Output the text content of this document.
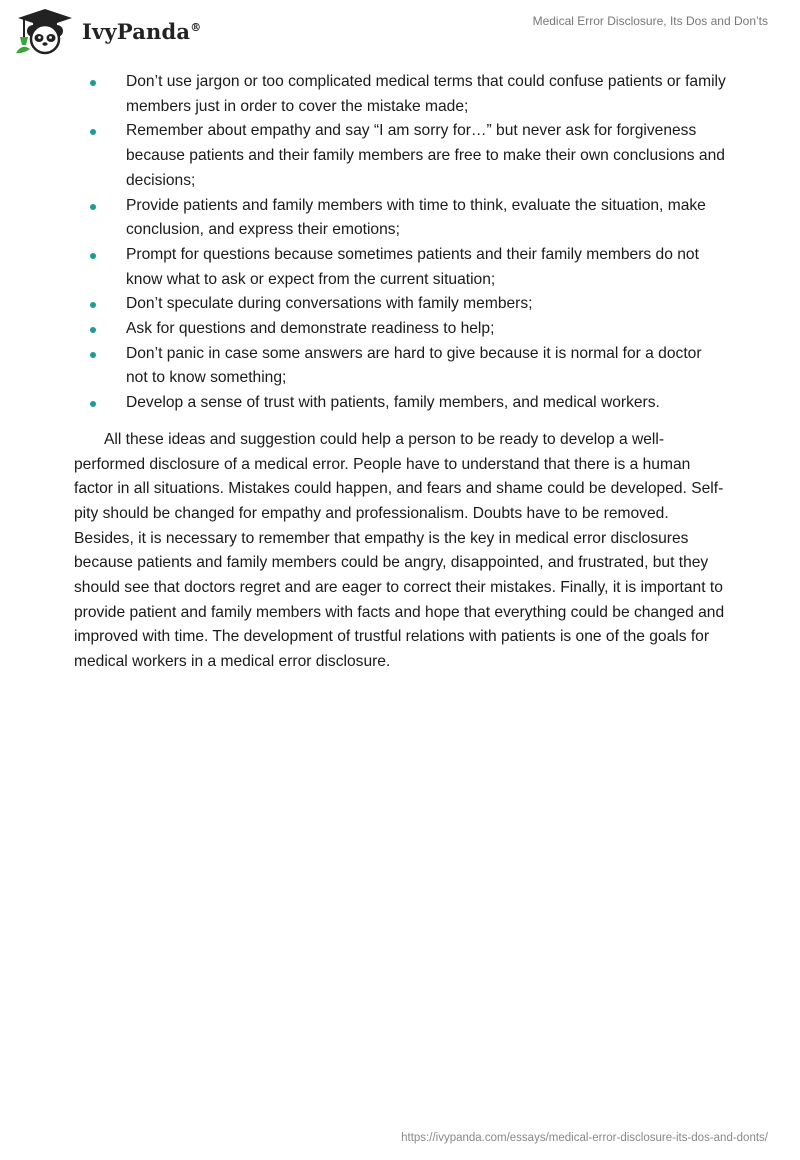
IvyPanda®	Medical Error Disclosure, Its Dos and Don’ts
Don’t use jargon or too complicated medical terms that could confuse patients or family members just in order to cover the mistake made;
Remember about empathy and say “I am sorry for…” but never ask for forgiveness because patients and their family members are free to make their own conclusions and decisions;
Provide patients and family members with time to think, evaluate the situation, make conclusion, and express their emotions;
Prompt for questions because sometimes patients and their family members do not know what to ask or expect from the current situation;
Don’t speculate during conversations with family members;
Ask for questions and demonstrate readiness to help;
Don’t panic in case some answers are hard to give because it is normal for a doctor not to know something;
Develop a sense of trust with patients, family members, and medical workers.

All these ideas and suggestion could help a person to be ready to develop a well-performed disclosure of a medical error. People have to understand that there is a human factor in all situations. Mistakes could happen, and fears and shame could be developed. Self-pity should be changed for empathy and professionalism. Doubts have to be removed. Besides, it is necessary to remember that empathy is the key in medical error disclosures because patients and family members could be angry, disappointed, and frustrated, but they should see that doctors regret and are eager to correct their mistakes. Finally, it is important to provide patient and family members with facts and hope that everything could be changed and improved with time. The development of trustful relations with patients is one of the goals for medical workers in a medical error disclosure.

https://ivypanda.com/essays/medical-error-disclosure-its-dos-and-donts/
